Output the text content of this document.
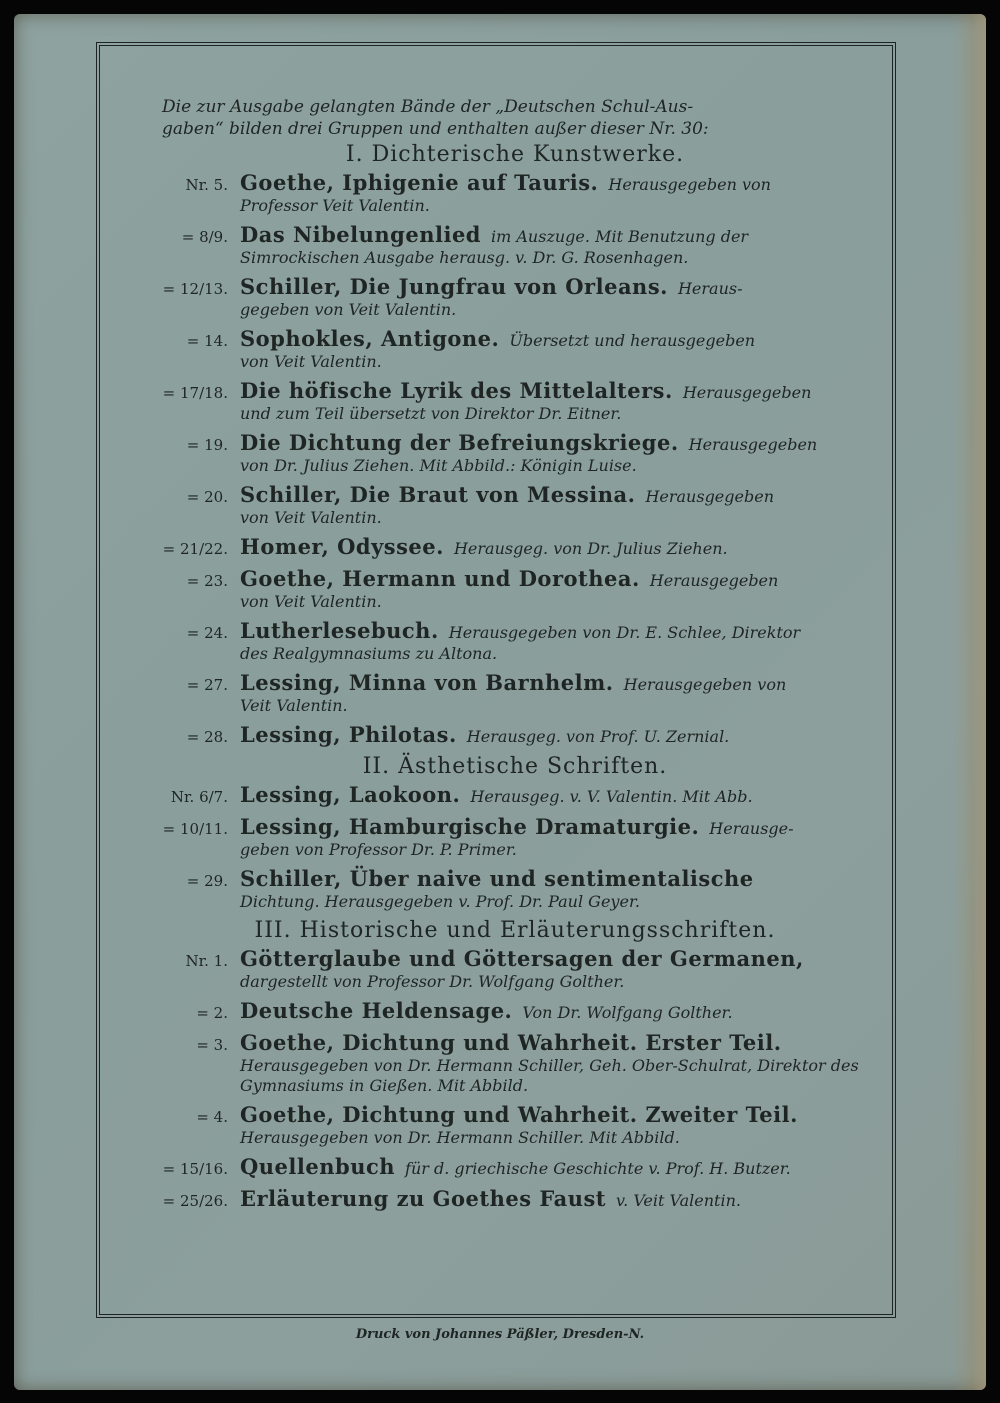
Die zur Ausgabe gelangten Bände der „Deutschen Schul-Aus-
gaben“ bilden drei Gruppen und enthalten außer dieser Nr. 30:
I. Dichterische Kunstwerke.
Nr. 5. Goethe, Iphigenie auf Tauris. Herausgegeben von
Professor Veit Valentin.
= 8/9. Das Nibelungenlied im Auszuge. Mit Benutzung der
Simrockischen Ausgabe herausg. v. Dr. G. Rosenhagen.
= 12/13. Schiller, Die Jungfrau von Orleans. Heraus-
gegeben von Veit Valentin.
= 14. Sophokles, Antigone. Übersetzt und herausgegeben
von Veit Valentin.
= 17/18. Die höfische Lyrik des Mittelalters. Herausgegeben
und zum Teil übersetzt von Direktor Dr. Eitner.
= 19. Die Dichtung der Befreiungskriege. Herausgegeben
von Dr. Julius Ziehen. Mit Abbild.: Königin Luise.
= 20. Schiller, Die Braut von Messina. Herausgegeben
von Veit Valentin.
= 21/22. Homer, Odyssee. Herausgeg. von Dr. Julius Ziehen.
= 23. Goethe, Hermann und Dorothea. Herausgegeben
von Veit Valentin.
= 24. Lutherlesebuch. Herausgegeben von Dr. E. Schlee, Direktor
des Realgymnasiums zu Altona.
= 27. Lessing, Minna von Barnhelm. Herausgegeben von
Veit Valentin.
= 28. Lessing, Philotas. Herausgeg. von Prof. U. Zernial.
II. Ästhetische Schriften.
Nr. 6/7. Lessing, Laokoon. Herausgeg. v. V. Valentin. Mit Abb.
= 10/11. Lessing, Hamburgische Dramaturgie. Herausge-
geben von Professor Dr. P. Primer.
= 29. Schiller, Über naive und sentimentalische
Dichtung. Herausgegeben v. Prof. Dr. Paul Geyer.
III. Historische und Erläuterungsschriften.
Nr. 1. Götterglaube und Göttersagen der Germanen,
dargestellt von Professor Dr. Wolfgang Golther.
= 2. Deutsche Heldensage. Von Dr. Wolfgang Golther.
= 3. Goethe, Dichtung und Wahrheit. Erster Teil.
Herausgegeben von Dr. Hermann Schiller, Geh. Ober-Schulrat, Direktor des Gymnasiums in Gießen. Mit Abbild.
= 4. Goethe, Dichtung und Wahrheit. Zweiter Teil.
Herausgegeben von Dr. Hermann Schiller. Mit Abbild.
= 15/16. Quellenbuch für d. griechische Geschichte v. Prof. H. Butzer.
= 25/26. Erläuterung zu Goethes Faust v. Veit Valentin.
Druck von Johannes Päßler, Dresden-N.
